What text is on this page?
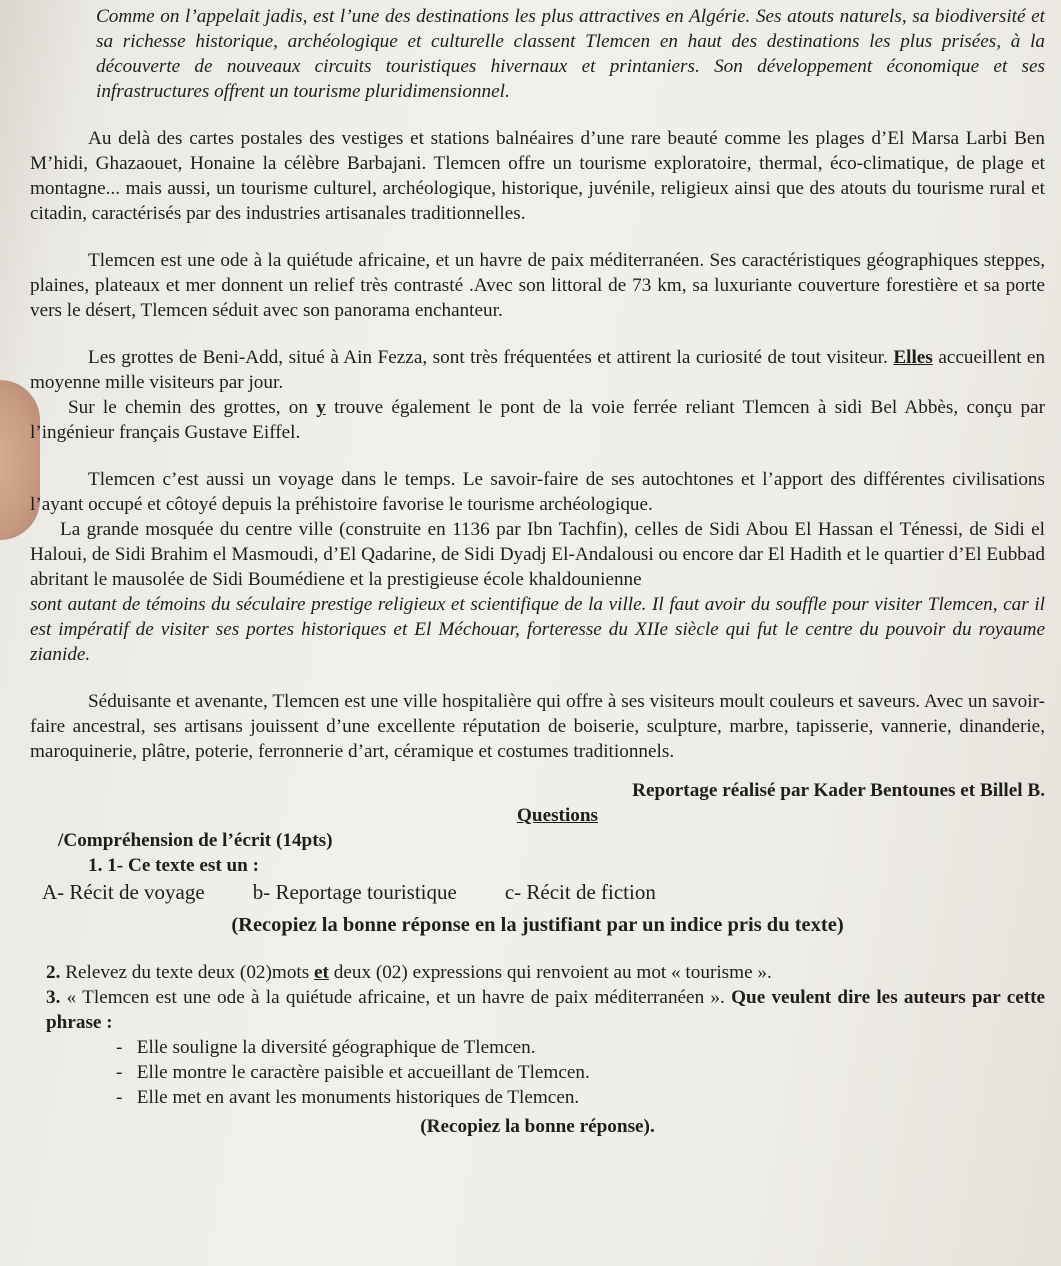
Comme on l’appelait jadis, est l’une des destinations les plus attractives en Algérie. Ses atouts naturels, sa biodiversité et sa richesse historique, archéologique et culturelle classent Tlemcen en haut des destinations les plus prisées, à la découverte de nouveaux circuits touristiques hivernaux et printaniers. Son développement économique et ses infrastructures offrent un tourisme pluridimensionnel.

Au delà des cartes postales des vestiges et stations balnéaires d’une rare beauté comme les plages d’El Marsa Larbi Ben M’hidi, Ghazaouet, Honaine la célèbre Barbajani. Tlemcen offre un tourisme exploratoire, thermal, éco-climatique, de plage et montagne... mais aussi, un tourisme culturel, archéologique, historique, juvénile, religieux ainsi que des atouts du tourisme rural et citadin, caractérisés par des industries artisanales traditionnelles.

Tlemcen est une ode à la quiétude africaine, et un havre de paix méditerranéen. Ses caractéristiques géographiques steppes, plaines, plateaux et mer donnent un relief très contrasté .Avec son littoral de 73 km, sa luxuriante couverture forestière et sa porte vers le désert, Tlemcen séduit avec son panorama enchanteur.

Les grottes de Beni-Add, situé à Ain Fezza, sont très fréquentées et attirent la curiosité de tout visiteur. Elles accueillent en moyenne mille visiteurs par jour.

Sur le chemin des grottes, on y trouve également le pont de la voie ferrée reliant Tlemcen à sidi Bel Abbès, conçu par l’ingénieur français Gustave Eiffel.

Tlemcen c’est aussi un voyage dans le temps. Le savoir-faire de ses autochtones et l’apport des différentes civilisations l’ayant occupé et côtoyé depuis la préhistoire favorise le tourisme archéologique.

La grande mosquée du centre ville (construite en 1136 par Ibn Tachfin), celles de Sidi Abou El Hassan el Ténessi, de Sidi el Haloui, de Sidi Brahim el Masmoudi, d’El Qadarine, de Sidi Dyadj El-Andalousi ou encore dar El Hadith et le quartier d’El Eubbad abritant le mausolée de Sidi Boumédiene et la prestigieuse école khaldounienne

sont autant de témoins du séculaire prestige religieux et scientifique de la ville. Il faut avoir du souffle pour visiter Tlemcen, car il est impératif de visiter ses portes historiques et El Méchouar, forteresse du XIIe siècle qui fut le centre du pouvoir du royaume zianide.

Séduisante et avenante, Tlemcen est une ville hospitalière qui offre à ses visiteurs moult couleurs et saveurs. Avec un savoir-faire ancestral, ses artisans jouissent d’une excellente réputation de boiserie, sculpture, marbre, tapisserie, vannerie, dinanderie, maroquinerie, plâtre, poterie, ferronnerie d’art, céramique et costumes traditionnels.

Reportage réalisé par Kader Bentounes et Billel B.

Questions

/Compréhension de l’écrit (14pts)

1. 1- Ce texte est un :

A- Récit de voyage b- Reportage touristique c- Récit de fiction

(Recopiez la bonne réponse en la justifiant par un indice pris du texte)

2. Relevez du texte deux (02)mots et deux (02) expressions qui renvoient au mot « tourisme ».

3. « Tlemcen est une ode à la quiétude africaine, et un havre de paix méditerranéen ». Que veulent dire les auteurs par cette phrase :

-   Elle souligne la diversité géographique de Tlemcen.

-   Elle montre le caractère paisible et accueillant de Tlemcen.

-   Elle met en avant les monuments historiques de Tlemcen.

(Recopiez la bonne réponse).
